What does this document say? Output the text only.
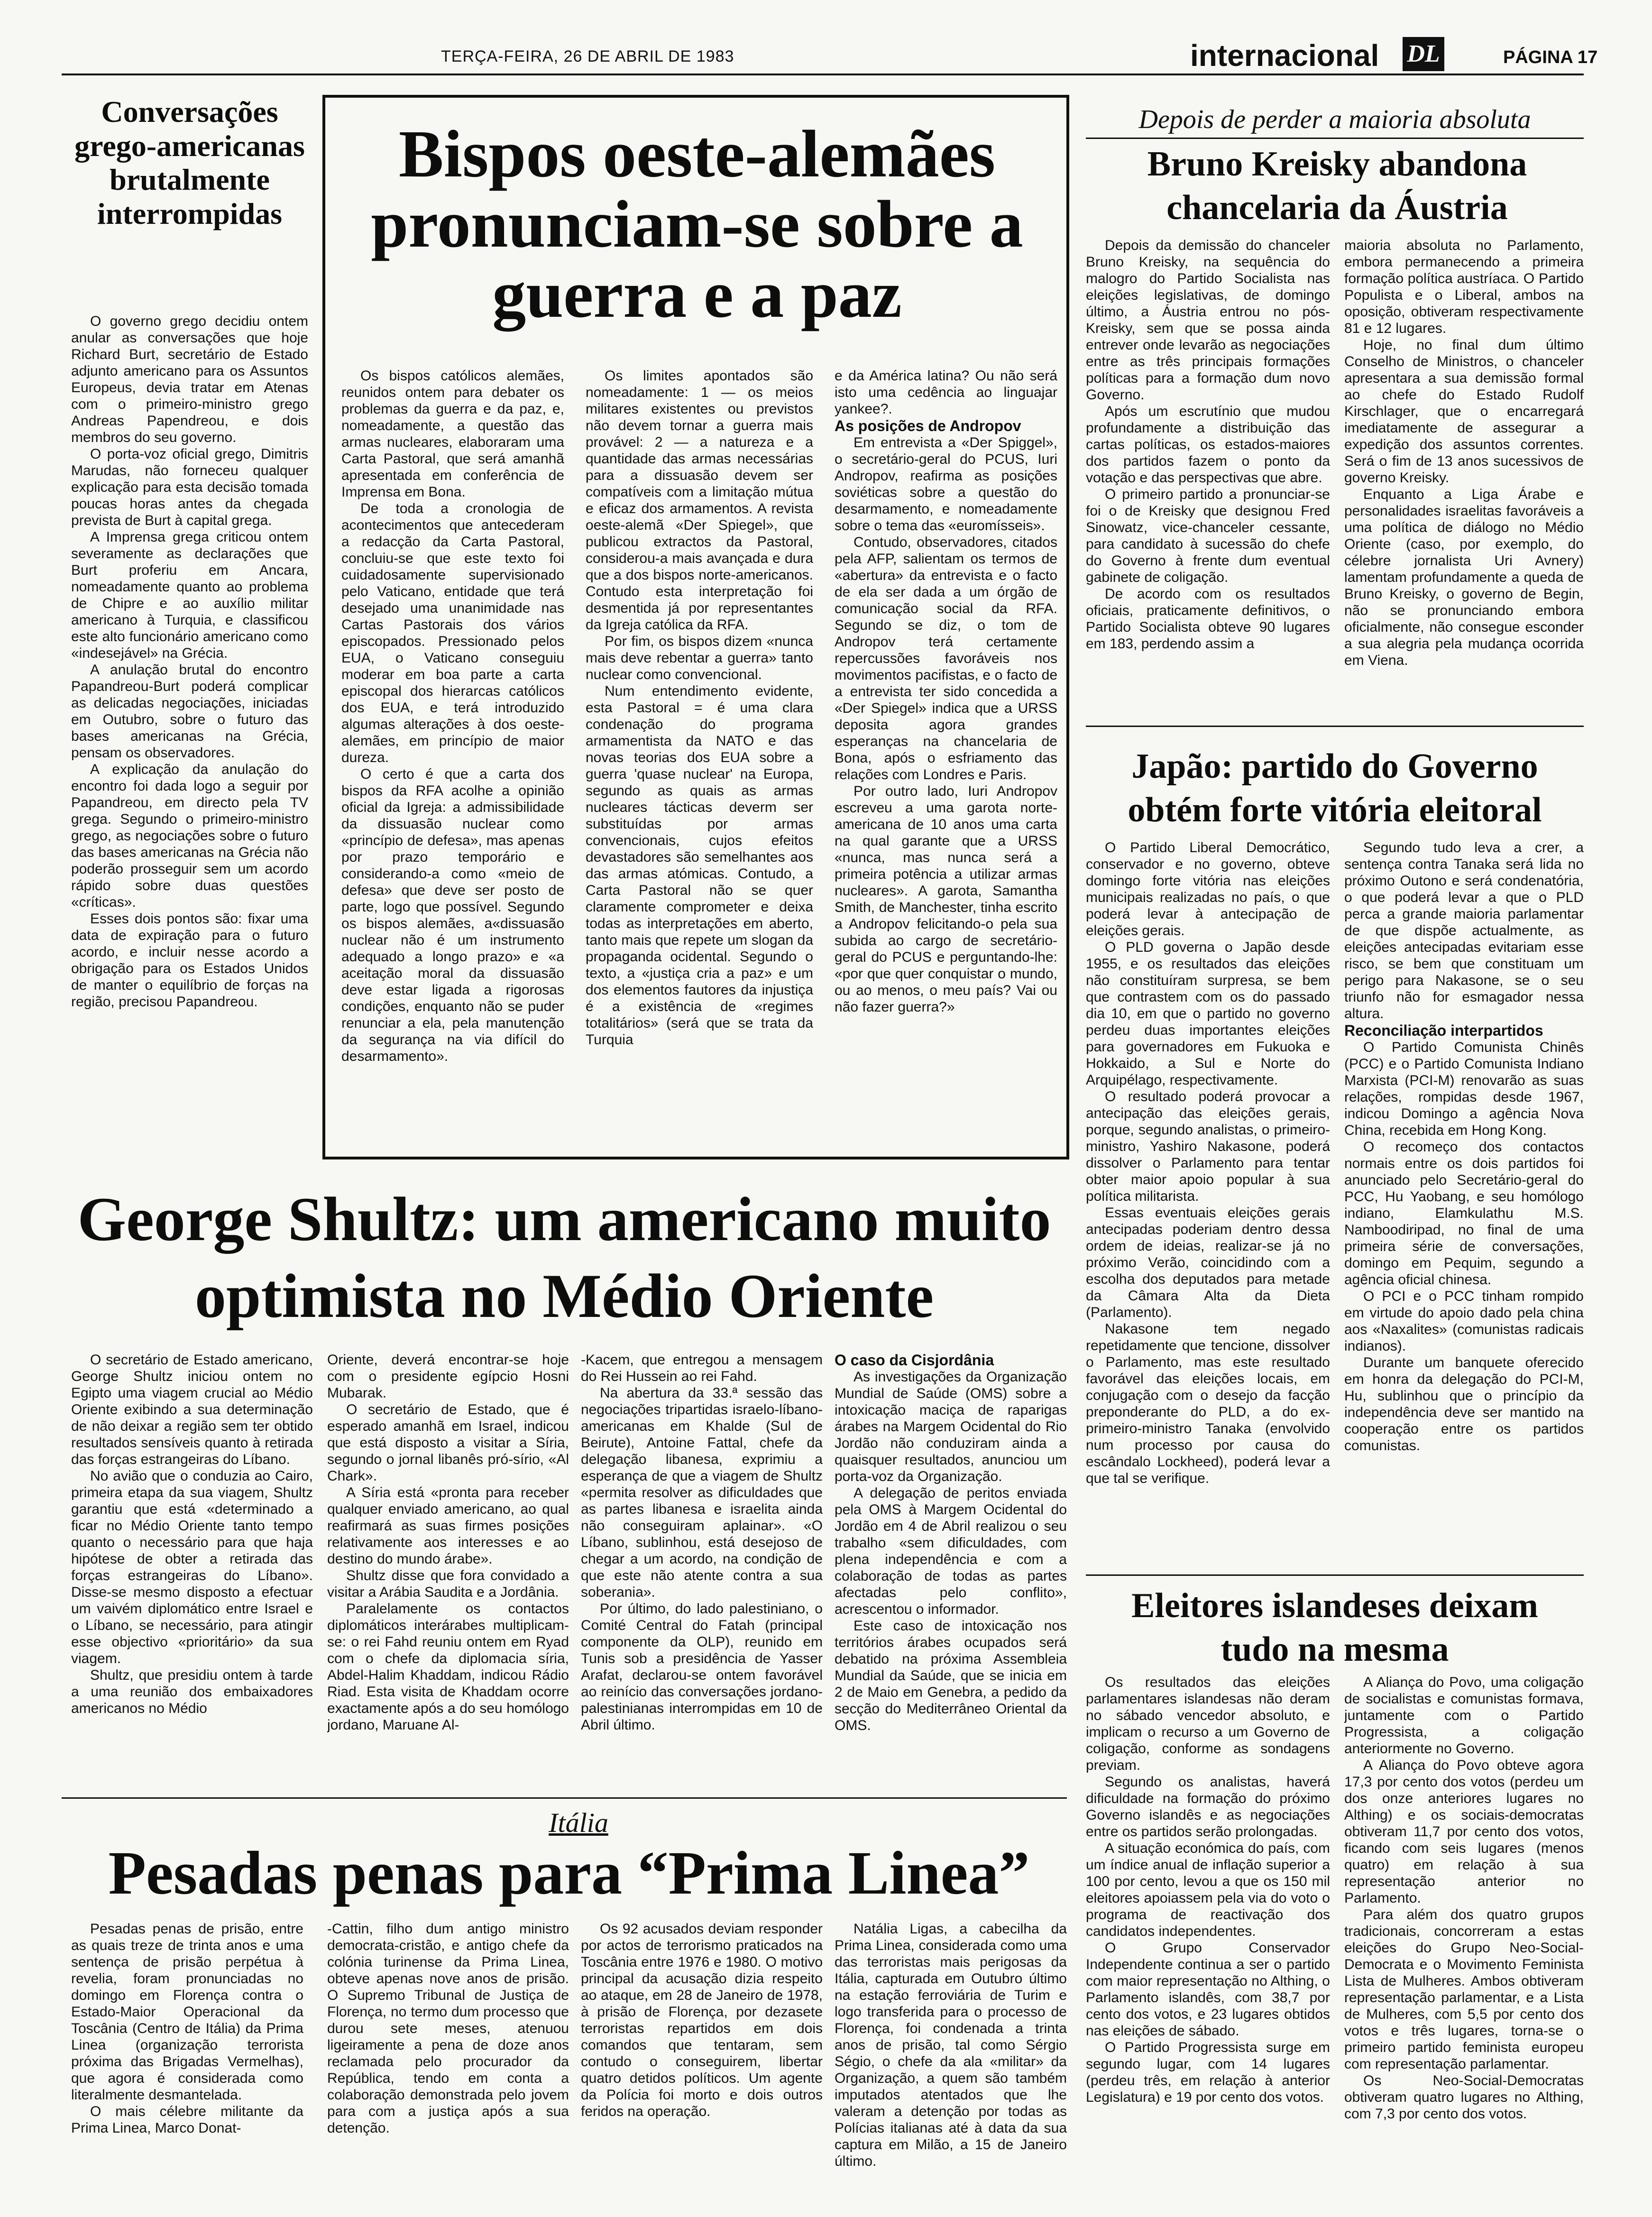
TERÇA-FEIRA, 26 DE ABRIL DE 1983	internacional DL	PÁGINA 17
Conversações grego-americanas brutalmente interrompidas

O governo grego decidiu ontem anular as conversações que hoje Richard Burt, secretário de Estado adjunto americano para os Assuntos Europeus, devia tratar em Atenas com o primeiro-ministro grego Andreas Papendreou, e dois membros do seu governo.

O porta-voz oficial grego, Dimitris Marudas, não forneceu qualquer explicação para esta decisão tomada poucas horas antes da chegada prevista de Burt à capital grega.

A Imprensa grega criticou ontem severamente as declarações que Burt proferiu em Ancara, nomeadamente quanto ao problema de Chipre e ao auxílio militar americano à Turquia, e classificou este alto funcionário americano como «indesejável» na Grécia.

A anulação brutal do encontro Papandreou-Burt poderá complicar as delicadas negociações, iniciadas em Outubro, sobre o futuro das bases americanas na Grécia, pensam os observadores.

A explicação da anulação do encontro foi dada logo a seguir por Papandreou, em directo pela TV grega. Segundo o primeiro-ministro grego, as negociações sobre o futuro das bases americanas na Grécia não poderão prosseguir sem um acordo rápido sobre duas questões «críticas».

Esses dois pontos são: fixar uma data de expiração para o futuro acordo, e incluir nesse acordo a obrigação para os Estados Unidos de manter o equilíbrio de forças na região, precisou Papandreou.

Bispos oeste-alemães pronunciam-se sobre a guerra e a paz

Os bispos católicos alemães, reunidos ontem para debater os problemas da guerra e da paz, e, nomeadamente, a questão das armas nucleares, elaboraram uma Carta Pastoral, que será amanhã apresentada em conferência de Imprensa em Bona.

De toda a cronologia de acontecimentos que antecederam a redacção da Carta Pastoral, concluiu-se que este texto foi cuidadosamente supervisionado pelo Vaticano, entidade que terá desejado uma unanimidade nas Cartas Pastorais dos vários episcopados. Pressionado pelos EUA, o Vaticano conseguiu moderar em boa parte a carta episcopal dos hierarcas católicos dos EUA, e terá introduzido algumas alterações à dos oeste-alemães, em princípio de maior dureza.

O certo é que a carta dos bispos da RFA acolhe a opinião oficial da Igreja: a admissibilidade da dissuasão nuclear como «princípio de defesa», mas apenas por prazo temporário e considerando-a como «meio de defesa» que deve ser posto de parte, logo que possível. Segundo os bispos alemães, a«dissuasão nuclear não é um instrumento adequado a longo prazo» e «a aceitação moral da dissuasão deve estar ligada a rigorosas condições, enquanto não se puder renunciar a ela, pela manutenção da segurança na via difícil do desarmamento».

Os limites apontados são nomeadamente: 1 — os meios militares existentes ou previstos não devem tornar a guerra mais provável: 2 — a natureza e a quantidade das armas necessárias para a dissuasão devem ser compatíveis com a limitação mútua e eficaz dos armamentos. A revista oeste-alemã «Der Spiegel», que publicou extractos da Pastoral, considerou-a mais avançada e dura que a dos bispos norte-americanos. Contudo esta interpretação foi desmentida já por representantes da Igreja católica da RFA.

Por fim, os bispos dizem «nunca mais deve rebentar a guerra» tanto nuclear como convencional.

Num entendimento evidente, esta Pastoral = é uma clara condenação do programa armamentista da NATO e das novas teorias dos EUA sobre a guerra 'quase nuclear' na Europa, segundo as quais as armas nucleares tácticas deverm ser substituídas por armas convencionais, cujos efeitos devastadores são semelhantes aos das armas atómicas. Contudo, a Carta Pastoral não se quer claramente comprometer e deixa todas as interpretações em aberto, tanto mais que repete um slogan da propaganda ocidental. Segundo o texto, a «justiça cria a paz» e um dos elementos fautores da injustiça é a existência de «regimes totalitários» (será que se trata da Turquia

e da América latina? Ou não será isto uma cedência ao linguajar yankee?.

As posições de Andropov

Em entrevista a «Der Spiggel», o secretário-geral do PCUS, Iuri Andropov, reafirma as posições soviéticas sobre a questão do desarmamento, e nomeadamente sobre o tema das «euromísseis».

Contudo, observadores, citados pela AFP, salientam os termos de «abertura» da entrevista e o facto de ela ser dada a um órgão de comunicação social da RFA. Segundo se diz, o tom de Andropov terá certamente repercussões favoráveis nos movimentos pacifistas, e o facto de a entrevista ter sido concedida a «Der Spiegel» indica que a URSS deposita agora grandes esperanças na chancelaria de Bona, após o esfriamento das relações com Londres e Paris.

Por outro lado, Iuri Andropov escreveu a uma garota norte-americana de 10 anos uma carta na qual garante que a URSS «nunca, mas nunca será a primeira potência a utilizar armas nucleares». A garota, Samantha Smith, de Manchester, tinha escrito a Andropov felicitando-o pela sua subida ao cargo de secretário-geral do PCUS e perguntando-lhe: «por que quer conquistar o mundo, ou ao menos, o meu país? Vai ou não fazer guerra?»

Depois de perder a maioria absoluta
Bruno Kreisky abandona chancelaria da Áustria

Depois da demissão do chanceler Bruno Kreisky, na sequência do malogro do Partido Socialista nas eleições legislativas, de domingo último, a Áustria entrou no pós-Kreisky, sem que se possa ainda entrever onde levarão as negociações entre as três principais formações políticas para a formação dum novo Governo.

Após um escrutínio que mudou profundamente a distribuição das cartas políticas, os estados-maiores dos partidos fazem o ponto da votação e das perspectivas que abre.

O primeiro partido a pronunciar-se foi o de Kreisky que designou Fred Sinowatz, vice-chanceler cessante, para candidato à sucessão do chefe do Governo à frente dum eventual gabinete de coligação.

De acordo com os resultados oficiais, praticamente definitivos, o Partido Socialista obteve 90 lugares em 183, perdendo assim a

maioria absoluta no Parlamento, embora permanecendo a primeira formação política austríaca. O Partido Populista e o Liberal, ambos na oposição, obtiveram respectivamente 81 e 12 lugares.

Hoje, no final dum último Conselho de Ministros, o chanceler apresentara a sua demissão formal ao chefe do Estado Rudolf Kirschlager, que o encarregará imediatamente de assegurar a expedição dos assuntos correntes. Será o fim de 13 anos sucessivos de governo Kreisky.

Enquanto a Liga Árabe e personalidades israelitas favoráveis a uma política de diálogo no Médio Oriente (caso, por exemplo, do célebre jornalista Uri Avnery) lamentam profundamente a queda de Bruno Kreisky, o governo de Begin, não se pronunciando embora oficialmente, não consegue esconder a sua alegria pela mudança ocorrida em Viena.

Japão: partido do Governo obtém forte vitória eleitoral

O Partido Liberal Democrático, conservador e no governo, obteve domingo forte vitória nas eleições municipais realizadas no país, o que poderá levar à antecipação de eleições gerais.

O PLD governa o Japão desde 1955, e os resultados das eleições não constituíram surpresa, se bem que contrastem com os do passado dia 10, em que o partido no governo perdeu duas importantes eleições para governadores em Fukuoka e Hokkaido, a Sul e Norte do Arquipélago, respectivamente.

O resultado poderá provocar a antecipação das eleições gerais, porque, segundo analistas, o primeiro-ministro, Yashiro Nakasone, poderá dissolver o Parlamento para tentar obter maior apoio popular à sua política militarista.

Essas eventuais eleições gerais antecipadas poderiam dentro dessa ordem de ideias, realizar-se já no próximo Verão, coincidindo com a escolha dos deputados para metade da Câmara Alta da Dieta (Parlamento).

Nakasone tem negado repetidamente que tencione, dissolver o Parlamento, mas este resultado favorável das eleições locais, em conjugação com o desejo da facção preponderante do PLD, a do ex-primeiro-ministro Tanaka (envolvido num processo por causa do escândalo Lockheed), poderá levar a que tal se verifique.

Segundo tudo leva a crer, a sentença contra Tanaka será lida no próximo Outono e será condenatória, o que poderá levar a que o PLD perca a grande maioria parlamentar de que dispõe actualmente, as eleições antecipadas evitariam esse risco, se bem que constituam um perigo para Nakasone, se o seu triunfo não for esmagador nessa altura.

Reconciliação interpartidos

O Partido Comunista Chinês (PCC) e o Partido Comunista Indiano Marxista (PCI-M) renovarão as suas relações, rompidas desde 1967, indicou Domingo a agência Nova China, recebida em Hong Kong.

O recomeço dos contactos normais entre os dois partidos foi anunciado pelo Secretário-geral do PCC, Hu Yaobang, e seu homólogo indiano, Elamkulathu M.S. Namboodiripad, no final de uma primeira série de conversações, domingo em Pequim, segundo a agência oficial chinesa.

O PCI e o PCC tinham rompido em virtude do apoio dado pela china aos «Naxalites» (comunistas radicais indianos).

Durante um banquete oferecido em honra da delegação do PCI-M, Hu, sublinhou que o princípio da independência deve ser mantido na cooperação entre os partidos comunistas.

George Shultz: um americano muito optimista no Médio Oriente

O secretário de Estado americano, George Shultz iniciou ontem no Egipto uma viagem crucial ao Médio Oriente exibindo a sua determinação de não deixar a região sem ter obtido resultados sensíveis quanto à retirada das forças estrangeiras do Líbano.

No avião que o conduzia ao Cairo, primeira etapa da sua viagem, Shultz garantiu que está «determinado a ficar no Médio Oriente tanto tempo quanto o necessário para que haja hipótese de obter a retirada das forças estrangeiras do Líbano». Disse-se mesmo disposto a efectuar um vaivém diplomático entre Israel e o Líbano, se necessário, para atingir esse objectivo «prioritário» da sua viagem.

Shultz, que presidiu ontem à tarde a uma reunião dos embaixadores americanos no Médio

Oriente, deverá encontrar-se hoje com o presidente egípcio Hosni Mubarak.

O secretário de Estado, que é esperado amanhã em Israel, indicou que está disposto a visitar a Síria, segundo o jornal libanês pró-sírio, «Al Chark».

A Síria está «pronta para receber qualquer enviado americano, ao qual reafirmará as suas firmes posições relativamente aos interesses e ao destino do mundo árabe».

Shultz disse que fora convidado a visitar a Arábia Saudita e a Jordânia.

Paralelamente os contactos diplomáticos interárabes multiplicam-se: o rei Fahd reuniu ontem em Ryad com o chefe da diplomacia síria, Abdel-Halim Khaddam, indicou Rádio Riad. Esta visita de Khaddam ocorre exactamente após a do seu homólogo jordano, Maruane Al-

-Kacem, que entregou a mensagem do Rei Hussein ao rei Fahd.

Na abertura da 33.ª sessão das negociações tripartidas israelo-líbano-americanas em Khalde (Sul de Beirute), Antoine Fattal, chefe da delegação libanesa, exprimiu a esperança de que a viagem de Shultz «permita resolver as dificuldades que as partes libanesa e israelita ainda não conseguiram aplainar». «O Líbano, sublinhou, está desejoso de chegar a um acordo, na condição de que este não atente contra a sua soberania».

Por último, do lado palestiniano, o Comité Central do Fatah (principal componente da OLP), reunido em Tunis sob a presidência de Yasser Arafat, declarou-se ontem favorável ao reinício das conversações jordano-palestinianas interrompidas em 10 de Abril último.

O caso da Cisjordânia

As investigações da Organização Mundial de Saúde (OMS) sobre a intoxicação maciça de raparigas árabes na Margem Ocidental do Rio Jordão não conduziram ainda a quaisquer resultados, anunciou um porta-voz da Organização.

A delegação de peritos enviada pela OMS à Margem Ocidental do Jordão em 4 de Abril realizou o seu trabalho «sem dificuldades, com plena independência e com a colaboração de todas as partes afectadas pelo conflito», acrescentou o informador.

Este caso de intoxicação nos territórios árabes ocupados será debatido na próxima Assembleia Mundial da Saúde, que se inicia em 2 de Maio em Genebra, a pedido da secção do Mediterrâneo Oriental da OMS.

Eleitores islandeses deixam tudo na mesma

Os resultados das eleições parlamentares islandesas não deram no sábado vencedor absoluto, e implicam o recurso a um Governo de coligação, conforme as sondagens previam.

Segundo os analistas, haverá dificuldade na formação do próximo Governo islandês e as negociações entre os partidos serão prolongadas.

A situação económica do país, com um índice anual de inflação superior a 100 por cento, levou a que os 150 mil eleitores apoiassem pela via do voto o programa de reactivação dos candidatos independentes.

O Grupo Conservador Independente continua a ser o partido com maior representação no Althing, o Parlamento islandês, com 38,7 por cento dos votos, e 23 lugares obtidos nas eleições de sábado.

O Partido Progressista surge em segundo lugar, com 14 lugares (perdeu três, em relação à anterior Legislatura) e 19 por cento dos votos.

A Aliança do Povo, uma coligação de socialistas e comunistas formava, juntamente com o Partido Progressista, a coligação anteriormente no Governo.

A Aliança do Povo obteve agora 17,3 por cento dos votos (perdeu um dos onze anteriores lugares no Althing) e os sociais-democratas obtiveram 11,7 por cento dos votos, ficando com seis lugares (menos quatro) em relação à sua representação anterior no Parlamento.

Para além dos quatro grupos tradicionais, concorreram a estas eleições do Grupo Neo-Social-Democrata e o Movimento Feminista Lista de Mulheres. Ambos obtiveram representação parlamentar, e a Lista de Mulheres, com 5,5 por cento dos votos e três lugares, torna-se o primeiro partido feminista europeu com representação parlamentar.

Os Neo-Social-Democratas obtiveram quatro lugares no Althing, com 7,3 por cento dos votos.

Itália
Pesadas penas para “Prima Linea”

Pesadas penas de prisão, entre as quais treze de trinta anos e uma sentença de prisão perpétua à revelia, foram pronunciadas no domingo em Florença contra o Estado-Maior Operacional da Toscânia (Centro de Itália) da Prima Linea (organização terrorista próxima das Brigadas Vermelhas), que agora é considerada como literalmente desmantelada.

O mais célebre militante da Prima Linea, Marco Donat-

-Cattin, filho dum antigo ministro democrata-cristão, e antigo chefe da colónia turinense da Prima Linea, obteve apenas nove anos de prisão. O Supremo Tribunal de Justiça de Florença, no termo dum processo que durou sete meses, atenuou ligeiramente a pena de doze anos reclamada pelo procurador da República, tendo em conta a colaboração demonstrada pelo jovem para com a justiça após a sua detenção.

Os 92 acusados deviam responder por actos de terrorismo praticados na Toscânia entre 1976 e 1980. O motivo principal da acusação dizia respeito ao ataque, em 28 de Janeiro de 1978, à prisão de Florença, por dezasete terroristas repartidos em dois comandos que tentaram, sem contudo o conseguirem, libertar quatro detidos políticos. Um agente da Polícia foi morto e dois outros feridos na operação.

Natália Ligas, a cabecilha da Prima Linea, considerada como uma das terroristas mais perigosas da Itália, capturada em Outubro último na estação ferroviária de Turim e logo transferida para o processo de Florença, foi condenada a trinta anos de prisão, tal como Sérgio Ségio, o chefe da ala «militar» da Organização, a quem são também imputados atentados que lhe valeram a detenção por todas as Polícias italianas até à data da sua captura em Milão, a 15 de Janeiro último.
